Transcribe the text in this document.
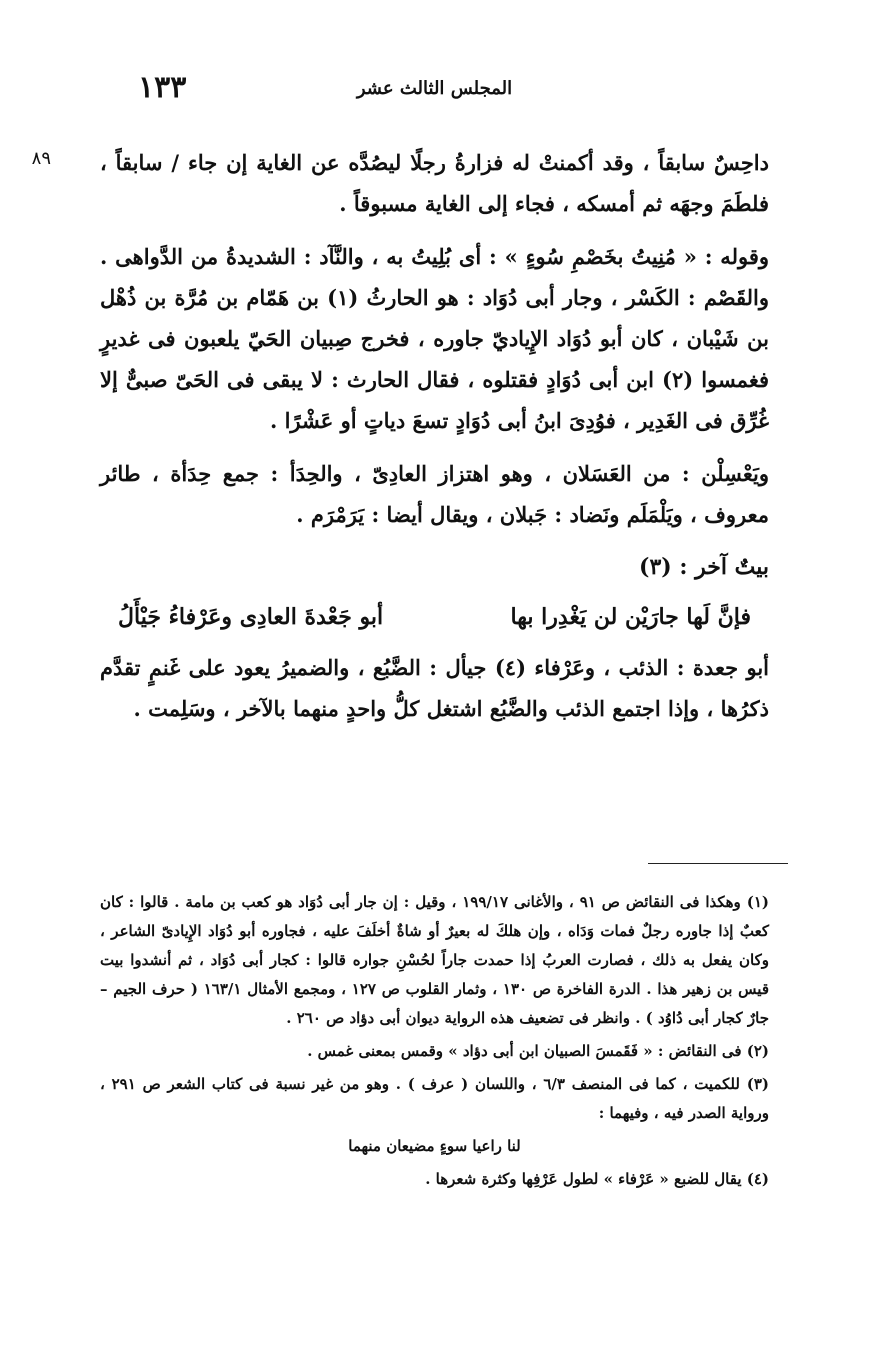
١٣٣	المجلس الثالث عشر
٨٩ داحِسٌ سابقاً ، وقد أكمنتْ له فزارةُ رجلًا ليصُدَّه عن الغاية إن جاء / سابقاً ، فلطَمَ وجهَه ثم أمسكه ، فجاء إلى الغاية مسبوقاً .

وقوله : « مُنِيتُ بخَصْمِ سُوءٍ » : أى بُلِيتُ به ، والنَّآد : الشديدةُ من الدَّواهى . والقَصْم : الكَسْر ، وجار أبى دُوَاد : هو الحارثُ (١) بن هَمّام بن مُرَّة بن ذُهْل بن شَيْبان ، كان أبو دُوَاد الإِياديّ جاوره ، فخرج صِبيان الحَيّ يلعبون فى غديرٍ فغمسوا (٢) ابن أبى دُوَادٍ فقتلوه ، فقال الحارث : لا يبقى فى الحَىّ صبىٌّ إلا غُرِّق فى الغَدِير ، فوُدِىَ ابنُ أبى دُوَادٍ تسعَ دياتٍ أو عَشْرًا .

ويَعْسِلْن : من العَسَلان ، وهو اهتزاز العادِىّ ، والحِدَأ : جمع حِدَأة ، طائر معروف ، ويَلْمَلَم ونَضاد : جَبلان ، ويقال أيضا : يَرَمْرَم .

بيتٌ آخر : (٣)
فإنَّ لَها جارَيْن لن يَغْدِرا بها
أبو جَعْدةَ العادِى وعَرْفاءُ جَيْأَلُ

أبو جعدة : الذئب ، وعَرْفاء (٤) جيأل : الضَّبُع ، والضميرُ يعود على غَنمٍ تقدَّم ذكرُها ، وإذا اجتمع الذئب والضَّبُع اشتغل كلُّ واحدٍ منهما بالآخر ، وسَلِمت .

(١) وهكذا فى النقائض ص ٩١ ، والأغانى ١٩٩/١٧ ، وقيل : إن جار أبى دُوَاد هو كعب بن مامة . قالوا : كان كعبٌ إذا جاوره رجلٌ فمات وَدَاه ، وإن هلكَ له بعيرٌ أو شاةٌ أخلَفَ عليه ، فجاوره أبو دُوَاد الإِيادىّ الشاعر ، وكان يفعل به ذلك ، فصارت العربُ إذا حمدت جاراً لحُسْنِ جواره قالوا : كجار أبى دُوَاد ، ثم أنشدوا بيت قيس بن زهير هذا . الدرة الفاخرة ص ١٣٠ ، وثمار القلوب ص ١٢٧ ، ومجمع الأمثال ١٦٣/١ ( حرف الجيم – جارٌ كجار أبى دُاوُد ) . وانظر فى تضعيف هذه الرواية ديوان أبى دؤاد ص ٢٦٠ .

(٢) فى النقائض : « فَقَمسَ الصبيان ابن أبى دؤاد » وقمس بمعنى غمس .

(٣) للكميت ، كما فى المنصف ٦/٣ ، واللسان ( عرف ) . وهو من غير نسبة فى كتاب الشعر ص ٢٩١ ، ورواية الصدر فيه ، وفيهما :

لنا راعيا سوءٍ مضيعان منهما

(٤) يقال للضبع « عَرْفاء » لطول عَرْفِها وكثرة شعرها .
